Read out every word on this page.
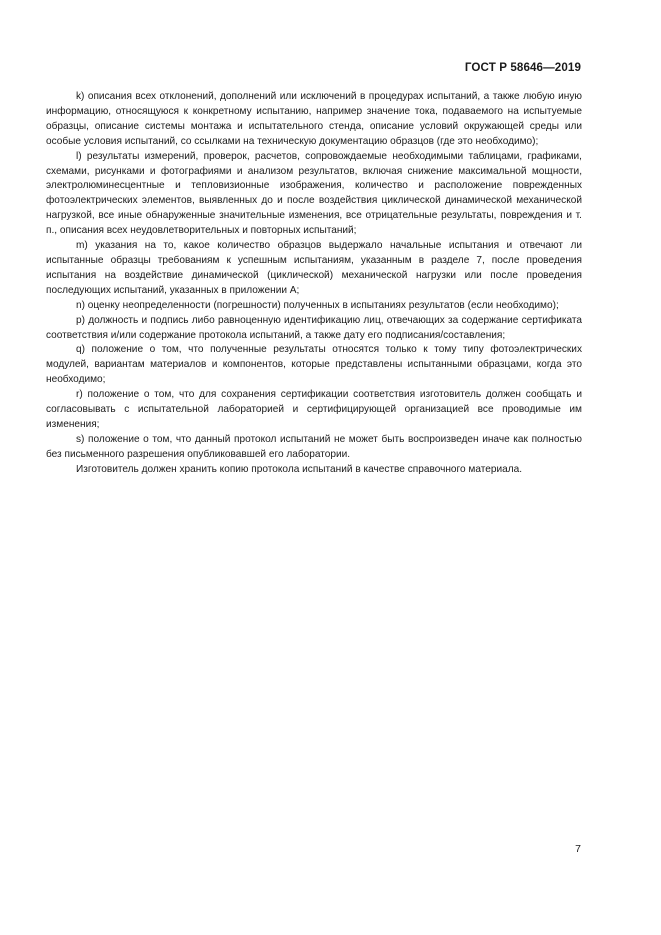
ГОСТ Р 58646—2019

k) описания всех отклонений, дополнений или исключений в процедурах испытаний, а также любую иную информацию, относящуюся к конкретному испытанию, например значение тока, подаваемого на испытуемые образцы, описание системы монтажа и испытательного стенда, описание условий окружающей среды или особые условия испытаний, со ссылками на техническую документацию образцов (где это необходимо);

l) результаты измерений, проверок, расчетов, сопровождаемые необходимыми таблицами, графиками, схемами, рисунками и фотографиями и анализом результатов, включая снижение максимальной мощности, электролюминесцентные и тепловизионные изображения, количество и расположение поврежденных фотоэлектрических элементов, выявленных до и после воздействия циклической динамической механической нагрузкой, все иные обнаруженные значительные изменения, все отрицательные результаты, повреждения и т. п., описания всех неудовлетворительных и повторных испытаний;

m) указания на то, какое количество образцов выдержало начальные испытания и отвечают ли испытанные образцы требованиям к успешным испытаниям, указанным в разделе 7, после проведения испытания на воздействие динамической (циклической) механической нагрузки или после проведения последующих испытаний, указанных в приложении А;

n) оценку неопределенности (погрешности) полученных в испытаниях результатов (если необходимо);

p) должность и подпись либо равноценную идентификацию лиц, отвечающих за содержание сертификата соответствия и/или содержание протокола испытаний, а также дату его подписания/составления;

q) положение о том, что полученные результаты относятся только к тому типу фотоэлектрических модулей, вариантам материалов и компонентов, которые представлены испытанными образцами, когда это необходимо;

r) положение о том, что для сохранения сертификации соответствия изготовитель должен сообщать и согласовывать с испытательной лабораторией и сертифицирующей организацией все проводимые им изменения;

s) положение о том, что данный протокол испытаний не может быть воспроизведен иначе как полностью без письменного разрешения опубликовавшей его лаборатории.

Изготовитель должен хранить копию протокола испытаний в качестве справочного материала.

7
